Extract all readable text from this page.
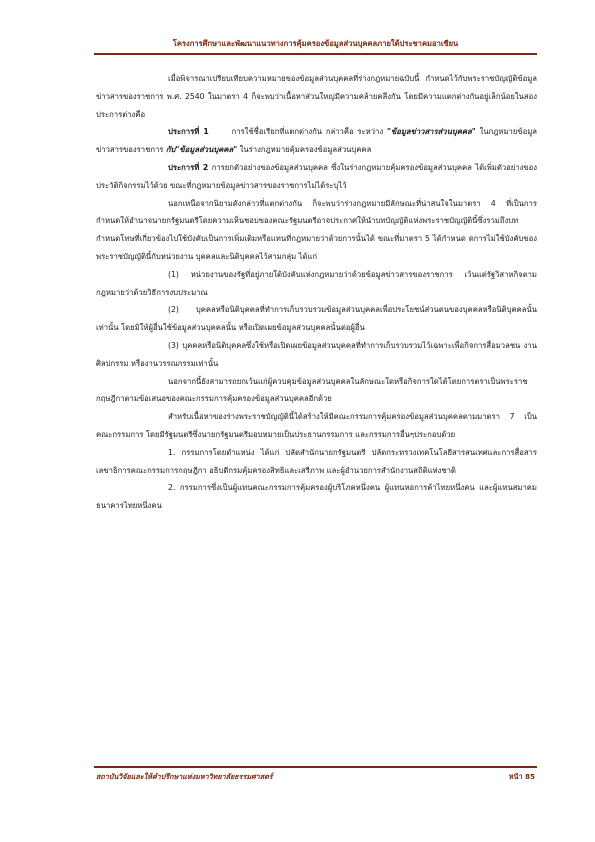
โครงการศึกษาและพัฒนาแนวทางการคุ้มครองข้อมูลส่วนบุคคลภายใต้ประชาคมอาเซียน

เมื่อพิจารณาเปรียบเทียบความหมายของข้อมูลส่วนบุคคลที่ร่างกฎหมายฉบับนี้ กำหนดไว้กับพระราชบัญญัติข้อมูลข่าวสารของราชการ พ.ศ. 2540 ในมาตรา 4 ก็จะพบว่าเนื้อหาส่วนใหญ่มีความคล้ายคลึงกัน โดยมีความแตกต่างกันอยู่เล็กน้อยในสองประการต่างคือ

ประการที่ 1	การใช้ชื่อเรียกที่แตกต่างกัน กล่าวคือ ระหว่าง "ข้อมูลข่าวสารส่วนบุคคล" ในกฎหมายข้อมูลข่าวสารของราชการ กับ"ข้อมูลส่วนบุคคล" ในร่างกฎหมายคุ้มครองข้อมูลส่วนบุคคล

ประการที่ 2 การยกตัวอย่างของข้อมูลส่วนบุคคล ซึ่งในร่างกฎหมายคุ้มครองข้อมูลส่วนบุคคล ได้เพิ่มตัวอย่างของประวัติกิจกรรมไว้ด้วย ขณะที่กฎหมายข้อมูลข่าวสารของราชการไม่ได้ระบุไว้

นอกเหนือจากนิยามดังกล่าวที่แตกต่างกัน ก็จะพบว่าร่างกฎหมายมีลักษณะที่น่าสนใจในมาตรา 4 ที่เป็นการกำหนดให้อำนาจนายกรัฐมนตรีโดยความเห็นชอบของคณะรัฐมนตรีอาจประกาศให้นำบทบัญญัติแห่งพระราชบัญญัตินี้ซึ่งรวมถึงบทกำหนดโทษที่เกี่ยวข้องไปใช้บังคับเป็นการเพิ่มเติมหรือแทนที่กฎหมายว่าด้วยการนั้นได้ ขณะที่มาตรา 5 ได้กำหนด ดการไม่ใช้บังคับของพระราชบัญญัตินี้กับหน่วยงาน บุคคลและนิติบุคคลไว้สามกลุ่ม ได้แก่

(1) หน่วยงานของรัฐที่อยู่ภายใต้บังคับแห่งกฎหมายว่าด้วยข้อมูลข่าวสารของราชการ เว้นแต่รัฐวิสาหกิจตามกฎหมายว่าด้วยวิธีการงบประมาณ

(2) บุคคลหรือนิติบุคคลที่ทำการเก็บรวบรวมข้อมูลส่วนบุคคลเพื่อประโยชน์ส่วนตนของบุคคลหรือนิติบุคคลนั้นเท่านั้น โดยมิให้ผู้อื่นใช้ข้อมูลส่วนบุคคลนั้น หรือเปิดเผยข้อมูลส่วนบุคคลนั้นต่อผู้อื่น

(3) บุคคลหรือนิติบุคคลซึ่งใช้หรือเปิดเผยข้อมูลส่วนบุคคลที่ทำการเก็บรวบรวมไว้เฉพาะเพื่อกิจการสื่อมวลชน งานศิลปกรรม หรืองานวรรณกรรมเท่านั้น

นอกจากนี้ยังสามารถยกเว้นแก่ผู้ควบคุมข้อมูลส่วนบุคคลในลักษณะใดหรือกิจการใดได้โดยการตราเป็นพระราชกฤษฎีกาตามข้อเสนอของคณะกรรมการคุ้มครองข้อมูลส่วนบุคคลอีกด้วย

สำหรับเนื้อหาของร่างพระราชบัญญัตินี้ได้สร้างให้มีคณะกรรมการคุ้มครองข้อมูลส่วนบุคคลตามมาตรา 7 เป็นคณะกรรมการ โดยมีรัฐมนตรีซึ่งนายกรัฐมนตรีมอบหมายเป็นประธานกรรมการ และกรรมการอื่นๆประกอบด้วย

1. กรรมการโดยตำแหน่ง ได้แก่ ปลัดสำนักนายกรัฐมนตรี ปลัดกระทรวงเทคโนโลยีสารสนเทศและการสื่อสาร เลขาธิการคณะกรรมการกฤษฎีกา อธิบดีกรมคุ้มครองสิทธิและเสรีภาพ และผู้อำนวยการสำนักงานสถิติแห่งชาติ

2. กรรมการซึ่งเป็นผู้แทนคณะกรรมการคุ้มครองผู้บริโภคหนึ่งคน ผู้แทนหอการค้าไทยหนึ่งคน และผู้แทนสมาคมธนาคารไทยหนึ่งคน

สถาบันวิจัยและให้คำปรึกษาแห่งมหาวิทยาลัยธรรมศาสตร์	หน้า 85
